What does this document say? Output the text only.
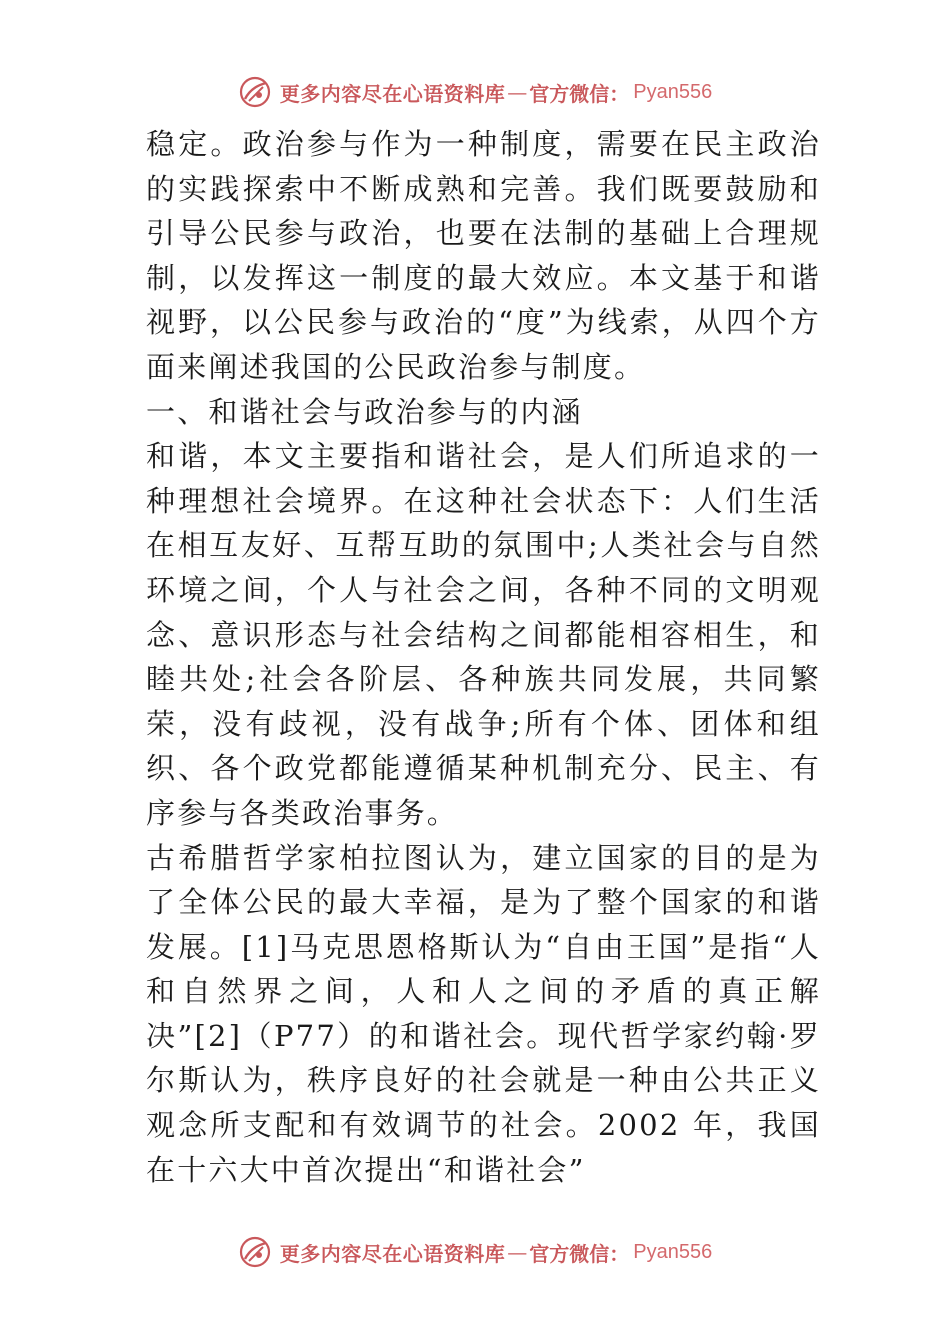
更多内容尽在心语资料库 — 官方微信： Pyan556

稳定。政治参与作为一种制度，需要在民主政治的实践探索中不断成熟和完善。我们既要鼓励和引导公民参与政治，也要在法制的基础上合理规制，以发挥这一制度的最大效应。本文基于和谐视野，以公民参与政治的“度”为线索，从四个方面来阐述我国的公民政治参与制度。

一、和谐社会与政治参与的内涵

和谐，本文主要指和谐社会，是人们所追求的一种理想社会境界。在这种社会状态下：人们生活在相互友好、互帮互助的氛围中;人类社会与自然环境之间，个人与社会之间，各种不同的文明观念、意识形态与社会结构之间都能相容相生，和睦共处;社会各阶层、各种族共同发展，共同繁荣，没有歧视，没有战争;所有个体、团体和组织、各个政党都能遵循某种机制充分、民主、有序参与各类政治事务。

古希腊哲学家柏拉图认为，建立国家的目的是为了全体公民的最大幸福，是为了整个国家的和谐发展。[1]马克思恩格斯认为“自由王国”是指“人和自然界之间，人和人之间的矛盾的真正解决”[2]（P77）的和谐社会。现代哲学家约翰·罗尔斯认为，秩序良好的社会就是一种由公共正义观念所支配和有效调节的社会。2002 年，我国在十六大中首次提出“和谐社会”

更多内容尽在心语资料库 — 官方微信： Pyan556
